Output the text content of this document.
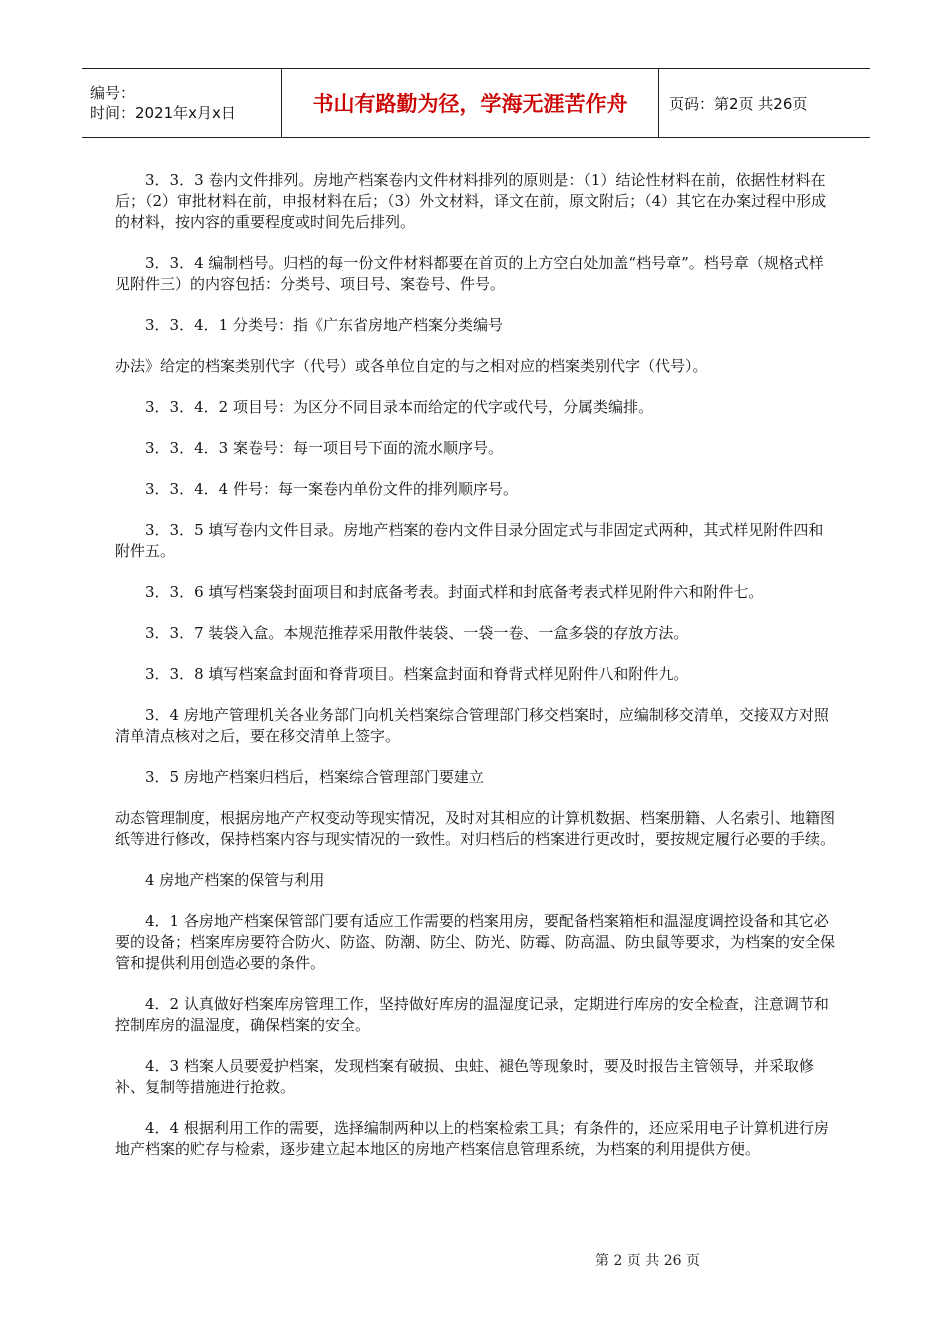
编号：
时间：2021年x月x日	书山有路勤为径，学海无涯苦作舟	页码：第2页 共26页

3．3．3 卷内文件排列。房地产档案卷内文件材料排列的原则是：（1）结论性材料在前，依据性材料在后；（2）审批材料在前，申报材料在后；（3）外文材料，译文在前，原文附后；（4）其它在办案过程中形成的材料，按内容的重要程度或时间先后排列。

3．3．4 编制档号。归档的每一份文件材料都要在首页的上方空白处加盖“档号章”。档号章（规格式样见附件三）的内容包括：分类号、项目号、案卷号、件号。

3．3．4．1 分类号：指《广东省房地产档案分类编号

办法》给定的档案类别代字（代号）或各单位自定的与之相对应的档案类别代字（代号）。

3．3．4．2 项目号：为区分不同目录本而给定的代字或代号，分属类编排。

3．3．4．3 案卷号：每一项目号下面的流水顺序号。

3．3．4．4 件号：每一案卷内单份文件的排列顺序号。

3．3．5 填写卷内文件目录。房地产档案的卷内文件目录分固定式与非固定式两种，其式样见附件四和附件五。

3．3．6 填写档案袋封面项目和封底备考表。封面式样和封底备考表式样见附件六和附件七。

3．3．7 装袋入盒。本规范推荐采用散件装袋、一袋一卷、一盒多袋的存放方法。

3．3．8 填写档案盒封面和脊背项目。档案盒封面和脊背式样见附件八和附件九。

3．4 房地产管理机关各业务部门向机关档案综合管理部门移交档案时，应编制移交清单，交接双方对照清单清点核对之后，要在移交清单上签字。

3．5 房地产档案归档后，档案综合管理部门要建立

动态管理制度，根据房地产产权变动等现实情况，及时对其相应的计算机数据、档案册籍、人名索引、地籍图纸等进行修改，保持档案内容与现实情况的一致性。对归档后的档案进行更改时，要按规定履行必要的手续。

4 房地产档案的保管与利用

4．1 各房地产档案保管部门要有适应工作需要的档案用房，要配备档案箱柜和温湿度调控设备和其它必要的设备；档案库房要符合防火、防盗、防潮、防尘、防光、防霉、防高温、防虫鼠等要求，为档案的安全保管和提供利用创造必要的条件。

4．2 认真做好档案库房管理工作，坚持做好库房的温湿度记录，定期进行库房的安全检查，注意调节和控制库房的温湿度，确保档案的安全。

4．3 档案人员要爱护档案，发现档案有破损、虫蛀、褪色等现象时，要及时报告主管领导，并采取修补、复制等措施进行抢救。

4．4 根据利用工作的需要，选择编制两种以上的档案检索工具；有条件的，还应采用电子计算机进行房地产档案的贮存与检索，逐步建立起本地区的房地产档案信息管理系统，为档案的利用提供方便。

第 2 页 共 26 页
